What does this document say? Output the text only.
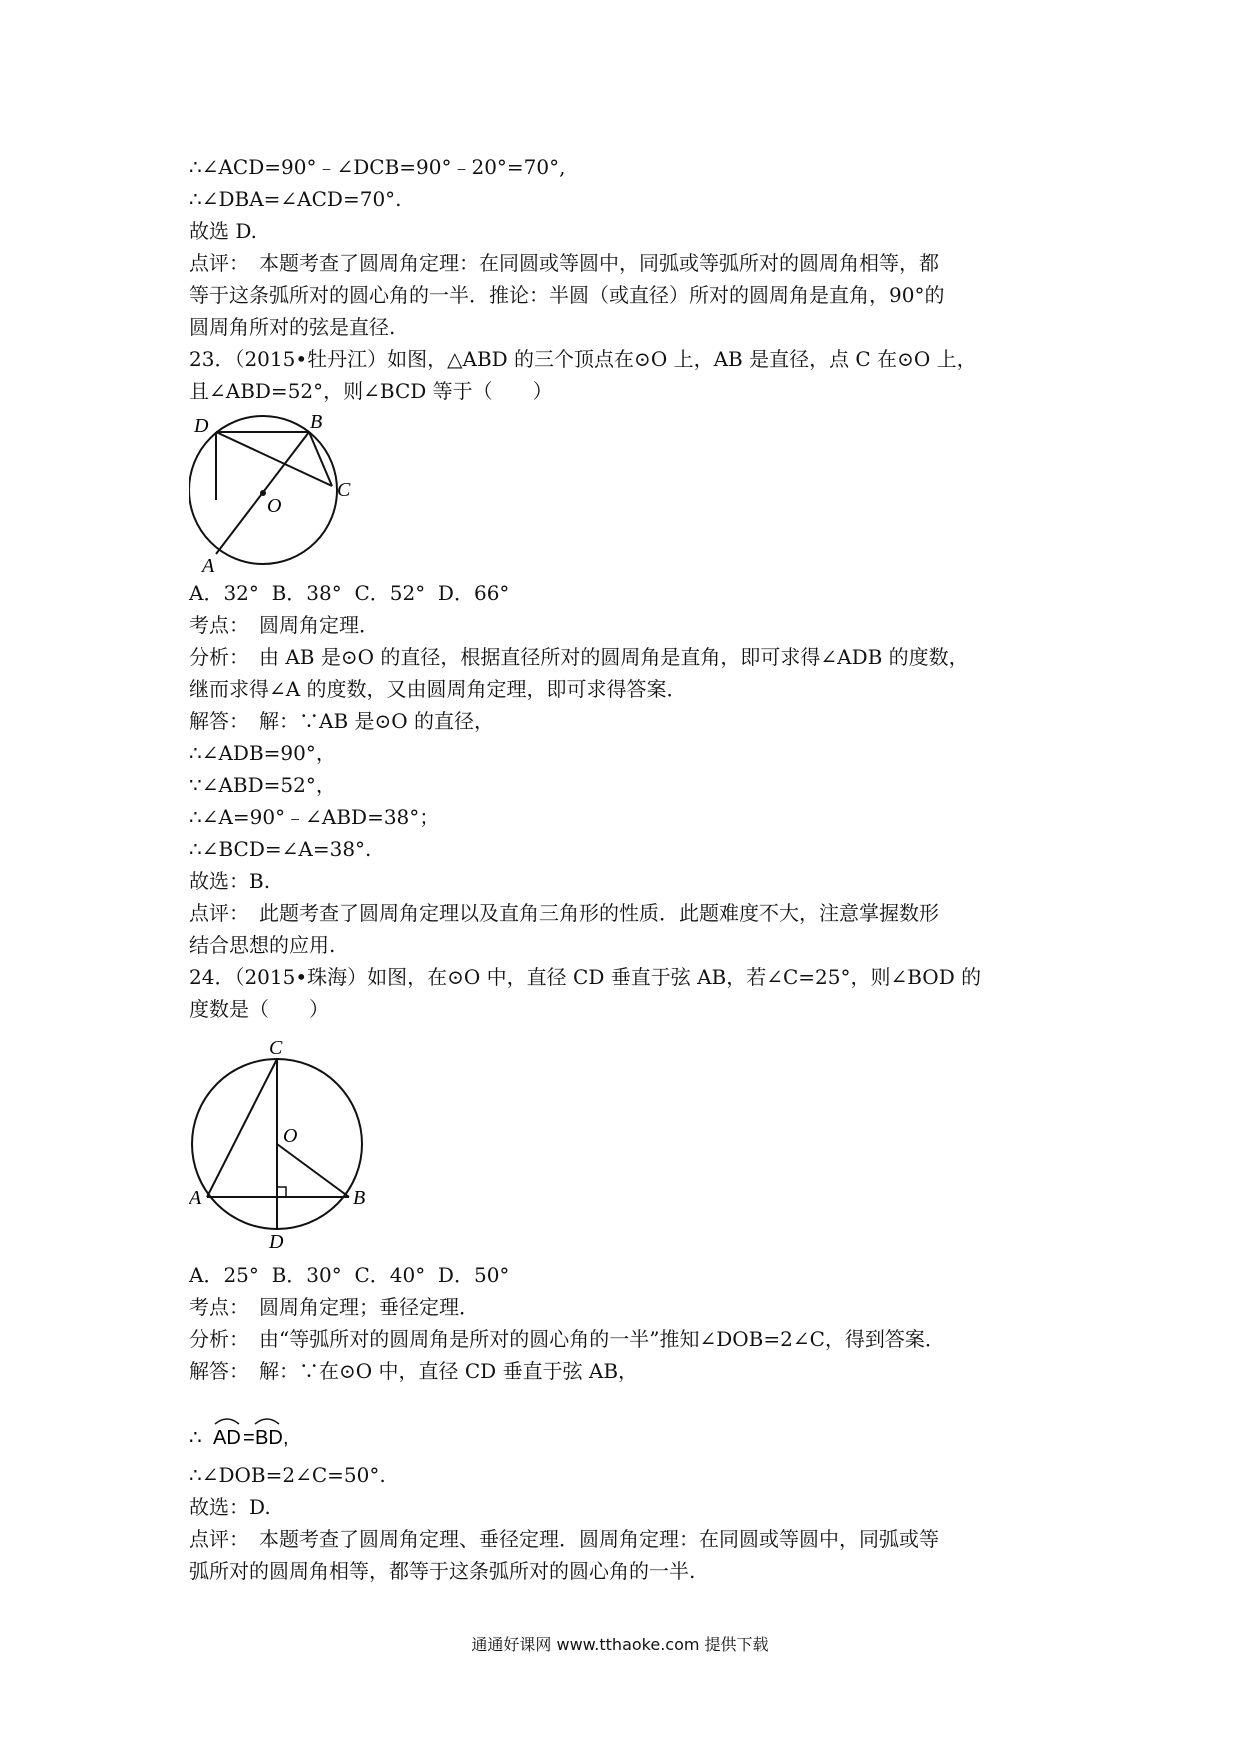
∴∠ACD=90°﹣∠DCB=90°﹣20°=70°,
∴∠DBA=∠ACD=70°.
故选 D.
点评：　本题考查了圆周角定理：在同圆或等圆中，同弧或等弧所对的圆周角相等，都
等于这条弧所对的圆心角的一半．推论：半圆（或直径）所对的圆周角是直角，90°的
圆周角所对的弦是直径.
23．（2015•牡丹江）如图，△ABD 的三个顶点在⊙O 上，AB 是直径，点 C 在⊙O 上，
且∠ABD=52°，则∠BCD 等于（　　）
D	B
C
O
A
A．32°  B．38°  C．52°  D．66°
考点：　圆周角定理．
分析：　由 AB 是⊙O 的直径，根据直径所对的圆周角是直角，即可求得∠ADB 的度数，
继而求得∠A 的度数，又由圆周角定理，即可求得答案．
解答：　解：∵AB 是⊙O 的直径，
∴∠ADB=90°，
∵∠ABD=52°，
∴∠A=90°﹣∠ABD=38°；
∴∠BCD=∠A=38°.
故选：B.
点评：　此题考查了圆周角定理以及直角三角形的性质．此题难度不大，注意掌握数形
结合思想的应用.
24．（2015•珠海）如图，在⊙O 中，直径 CD 垂直于弦 AB，若∠C=25°，则∠BOD 的
度数是（　　）
C
O
A	B
D
A．25°  B．30°  C．40°  D．50°
考点：　圆周角定理；垂径定理．
分析：　由“等弧所对的圆周角是所对的圆心角的一半”推知∠DOB=2∠C，得到答案．
解答：　解：∵在⊙O 中，直径 CD 垂直于弦 AB，
∴ AD = BD ,
∴∠DOB=2∠C=50°.
故选：D.
点评：　本题考查了圆周角定理、垂径定理．圆周角定理：在同圆或等圆中，同弧或等
弧所对的圆周角相等，都等于这条弧所对的圆心角的一半.
通通好课网 www.tthaoke.com 提供下载
